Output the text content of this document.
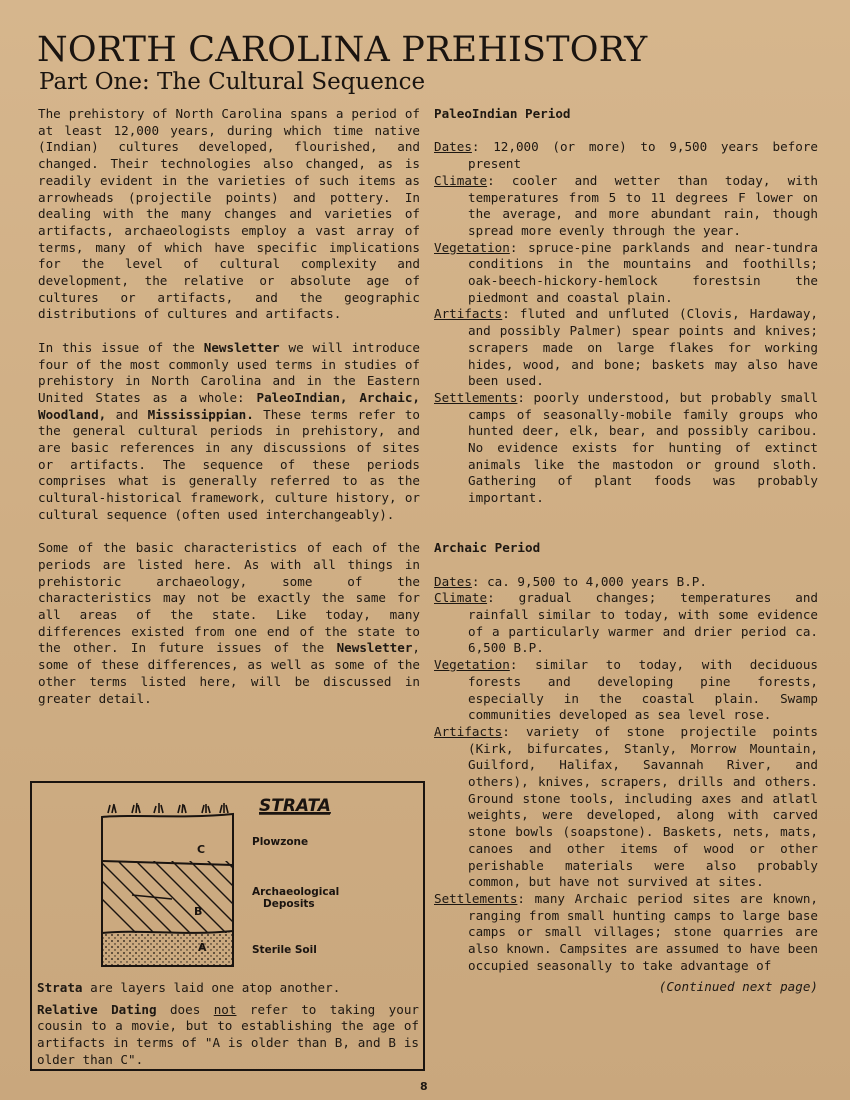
NORTH CAROLINA PREHISTORY
Part One: The Cultural Sequence

The prehistory of North Carolina spans a period of at least 12,000 years, during which time native (Indian) cultures developed, flourished, and changed. Their technologies also changed, as is readily evident in the varieties of such items as arrowheads (projectile points) and pottery. In dealing with the many changes and varieties of artifacts, archaeologists employ a vast array of terms, many of which have specific implications for the level of cultural complexity and development, the relative or absolute age of cultures or artifacts, and the geographic distributions of cultures and artifacts.

In this issue of the Newsletter we will introduce four of the most commonly used terms in studies of prehistory in North Carolina and in the Eastern United States as a whole: PaleoIndian, Archaic, Woodland, and Mississippian. These terms refer to the general cultural periods in prehistory, and are basic references in any discussions of sites or artifacts. The sequence of these periods comprises what is generally referred to as the cultural-historical framework, culture history, or cultural sequence (often used interchangeably).

Some of the basic characteristics of each of the periods are listed here. As with all things in prehistoric archaeology, some of the characteristics may not be exactly the same for all areas of the state. Like today, many differences existed from one end of the state to the other. In future issues of the Newsletter, some of these differences, as well as some of the other terms listed here, will be discussed in greater detail.

C
B
A
STRATA
Plowzone
Archaeological
Deposits
Sterile Soil

Strata are layers laid one atop another.

Relative Dating does not refer to taking your cousin to a movie, but to establishing the age of artifacts in terms of "A is older than B, and B is older than C".

PaleoIndian Period

Dates: 12,000 (or more) to 9,500 years before present

Climate: cooler and wetter than today, with temperatures from 5 to 11 degrees F lower on the average, and more abundant rain, though spread more evenly through the year.

Vegetation: spruce-pine parklands and near-tundra conditions in the mountains and foothills; oak-beech-hickory-hemlock forestsin the piedmont and coastal plain.

Artifacts: fluted and unfluted (Clovis, Hardaway, and possibly Palmer) spear points and knives; scrapers made on large flakes for working hides, wood, and bone; baskets may also have been used.

Settlements: poorly understood, but probably small camps of seasonally-mobile family groups who hunted deer, elk, bear, and possibly caribou. No evidence exists for hunting of extinct animals like the mastodon or ground sloth. Gathering of plant foods was probably important.

Archaic Period

Dates: ca. 9,500 to 4,000 years B.P.

Climate: gradual changes; temperatures and rainfall similar to today, with some evidence of a particularly warmer and drier period ca. 6,500 B.P.

Vegetation: similar to today, with deciduous forests and developing pine forests, especially in the coastal plain. Swamp communities developed as sea level rose.

Artifacts: variety of stone projectile points (Kirk, bifurcates, Stanly, Morrow Mountain, Guilford, Halifax, Savannah River, and others), knives, scrapers, drills and others. Ground stone tools, including axes and atlatl weights, were developed, along with carved stone bowls (soapstone). Baskets, nets, mats, canoes and other items of wood or other perishable materials were also probably common, but have not survived at sites.

Settlements: many Archaic period sites are known, ranging from small hunting camps to large base camps or small villages; stone quarries are also known. Campsites are assumed to have been occupied seasonally to take advantage of

(Continued next page)

8
